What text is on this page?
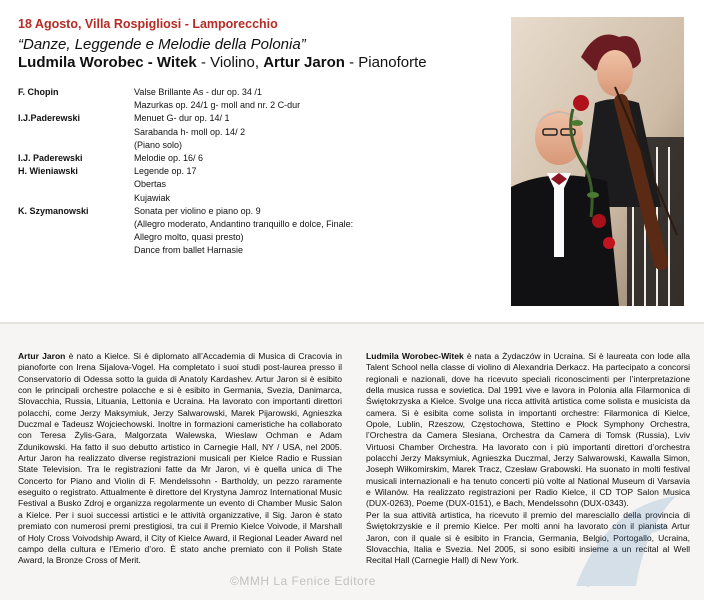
18 Agosto, Villa Rospigliosi - Lamporecchio
“Danze, Leggende e Melodie della Polonia”
Ludmila Worobec - Witek - Violino, Artur Jaron - Pianoforte
F. Chopin	Valse Brillante As - dur op. 34 /1
Mazurkas op. 24/1 g- moll and nr. 2 C-dur
I.J.Paderewski	Menuet G- dur op. 14/ 1
Sarabanda h- moll op. 14/ 2
(Piano solo)
I.J. Paderewski	Melodie op. 16/ 6
H. Wieniawski	Legende op. 17
Obertas
Kujawiak
K. Szymanowski	Sonata per violino e piano op. 9
(Allegro moderato, Andantino tranquillo e dolce, Finale:
Allegro molto, quasi presto)
Dance from ballet Harnasie

Artur Jaron è nato a Kielce. Si è diplomato all’Accademia di Musica di Cracovia in pianoforte con Irena Sijalova-Vogel. Ha completato i suoi studi post-laurea presso il Conservatorio di Odessa sotto la guida di Anatoly Kardashev. Artur Jaron si è esibito con le principali orchestre polacche e si è esibito in Germania, Svezia, Danimarca, Slovacchia, Russia, Lituania, Lettonia e Ucraina. Ha lavorato con importanti direttori polacchi, come Jerzy Maksymiuk, Jerzy Salwarowski, Marek Pijarowski, Agnieszka Duczmal e Tadeusz Wojciechowski. Inoltre in formazioni cameristiche ha collaborato con Teresa Żylis-Gara, Malgorzata Walewska, Wieslaw Ochman e Adam Zdunikowski. Ha fatto il suo debutto artistico in Carnegie Hall, NY / USA, nel 2005. Artur Jaron ha realizzato diverse registrazioni musicali per Kielce Radio e Russian State Television. Tra le registrazioni fatte da Mr Jaron, vi è quella unica di The Concerto for Piano and Violin di F. Mendelssohn - Bartholdy, un pezzo raramente eseguito o registrato. Attualmente è direttore del Krystyna Jamroz International Music Festival a Busko Zdroj e organizza regolarmente un evento di Chamber Music Salon a Kielce. Per i suoi successi artistici e le attività organizzative, il Sig. Jaron è stato premiato con numerosi premi prestigiosi, tra cui il Premio Kielce Voivode, il Marshall of Holy Cross Voivodship Award, il City of Kielce Award, il Regional Leader Award nel campo della cultura e l’Emerio d’oro. È stato anche premiato con il Polish State Award, la Bronze Cross of Merit.

Ludmila Worobec-Witek è nata a Żydaczów in Ucraina. Si è laureata con lode alla Talent School nella classe di violino di Alexandria Derkacz. Ha partecipato a concorsi regionali e nazionali, dove ha ricevuto speciali riconoscimenti per l’interpretazione della musica russa e sovietica. Dal 1991 vive e lavora in Polonia alla Filarmonica di Świętokrzyska a Kielce. Svolge una ricca attività artistica come solista e musicista da camera. Si è esibita come solista in importanti orchestre: Filarmonica di Kielce, Opole, Lublin, Rzeszow, Częstochowa, Stettino e Płock Symphony Orchestra, l’Orchestra da Camera Slesiana, Orchestra da Camera di Tomsk (Russia), Lviv Virtuosi Chamber Orchestra. Ha lavorato con i più importanti direttori d’orchestra polacchi Jerzy Maksymiuk, Agnieszka Duczmal, Jerzy Salwarowski, Kawalla Simon, Joseph Wiłkomirskim, Marek Tracz, Czesław Grabowski. Ha suonato in molti festival musicali internazionali e ha tenuto concerti più volte al National Museum di Varsavia e Wilanów. Ha realizzato registrazioni per Radio Kielce, il CD TOP Salon Musica (DUX-0263), Poeme (DUX-0151), e Bach, Mendelssohn (DUX-0343).

Per la sua attività artistica, ha ricevuto il premio del maresciallo della provincia di Świętokrzyskie e il premio Kielce. Per molti anni ha lavorato con il pianista Artur Jaron, con il quale si è esibito in Francia, Germania, Belgio, Portogallo, Ucraina, Slovacchia, Italia e Svezia. Nel 2005, si sono esibiti insieme a un recital al Well Recital Hall (Carnegie Hall) di New York.

©MMH La Fenice Editore
